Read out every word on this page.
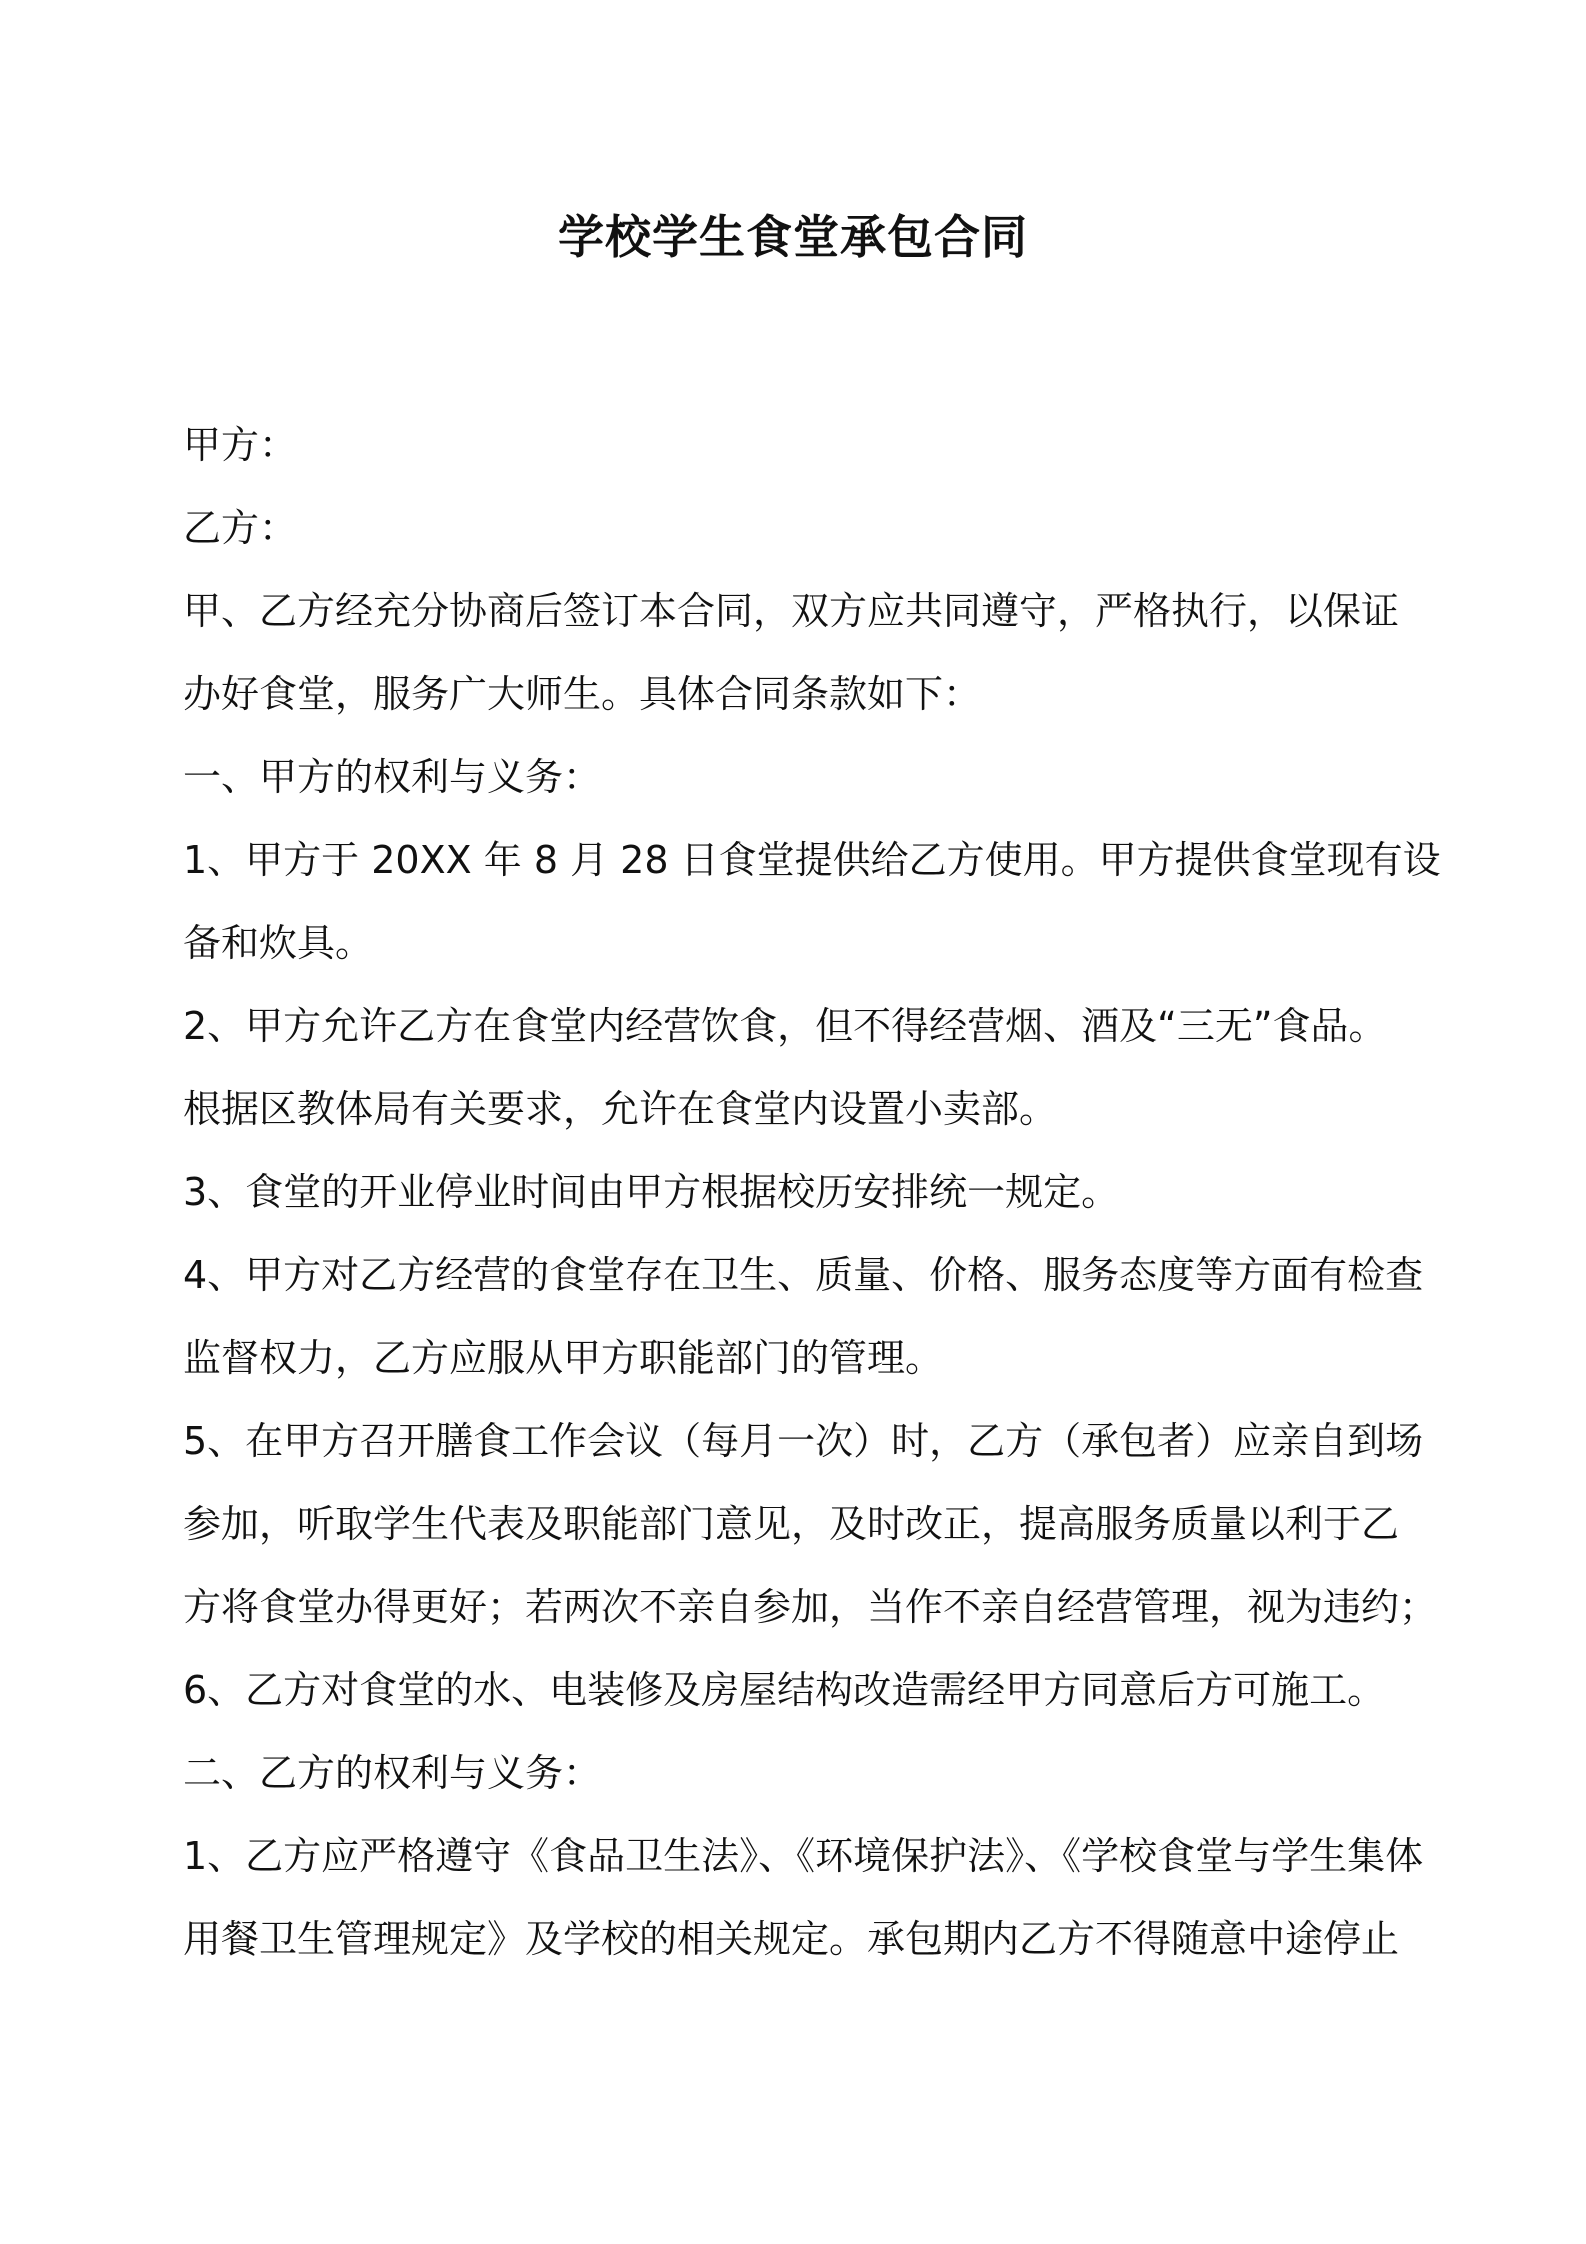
学校学生食堂承包合同
甲方：
乙方：
甲、乙方经充分协商后签订本合同，双方应共同遵守，严格执行，以保证
办好食堂，服务广大师生。具体合同条款如下：
一、甲方的权利与义务：
1、甲方于 20XX 年 8 月 28 日食堂提供给乙方使用。甲方提供食堂现有设
备和炊具。
2、甲方允许乙方在食堂内经营饮食，但不得经营烟、酒及“三无”食品。
根据区教体局有关要求，允许在食堂内设置小卖部。
3、食堂的开业停业时间由甲方根据校历安排统一规定。
4、甲方对乙方经营的食堂存在卫生、质量、价格、服务态度等方面有检查
监督权力，乙方应服从甲方职能部门的管理。
5、在甲方召开膳食工作会议（每月一次）时，乙方（承包者）应亲自到场
参加，听取学生代表及职能部门意见，及时改正，提高服务质量以利于乙
方将食堂办得更好；若两次不亲自参加，当作不亲自经营管理，视为违约；
6、乙方对食堂的水、电装修及房屋结构改造需经甲方同意后方可施工。
二、乙方的权利与义务：
1、乙方应严格遵守《食品卫生法》、《环境保护法》、《学校食堂与学生集体
用餐卫生管理规定》及学校的相关规定。承包期内乙方不得随意中途停止
